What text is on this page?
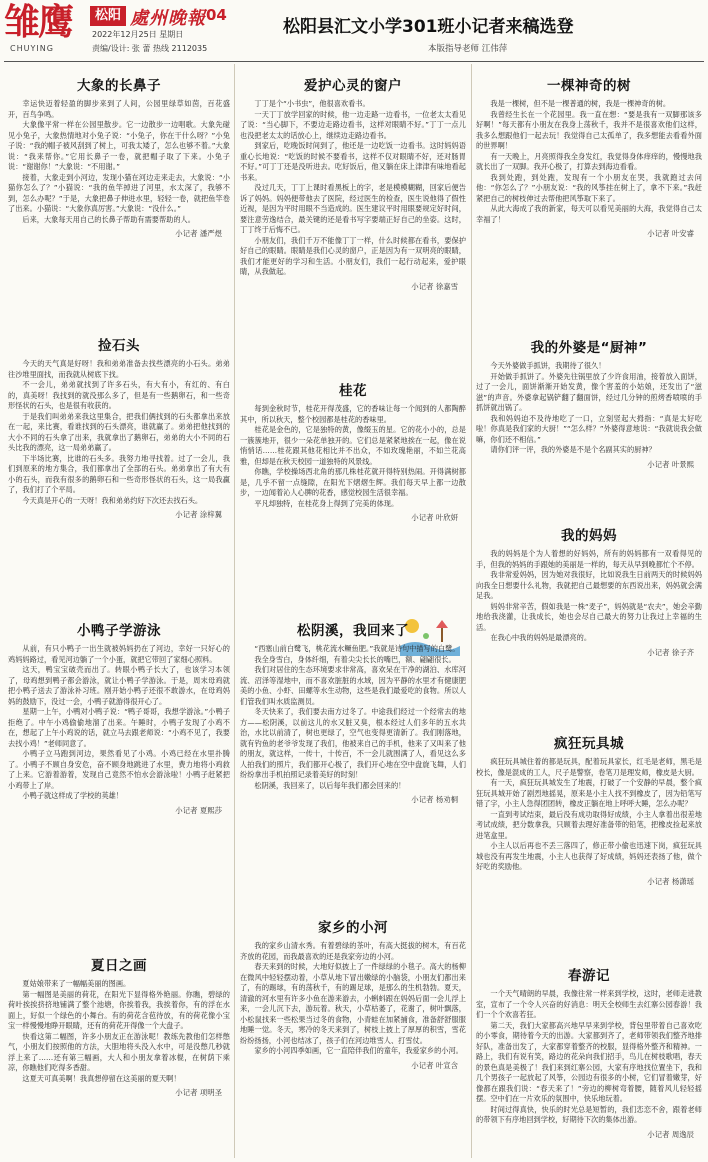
雏鹰
CHUYING
松阳 處州晚報 04
2022年12月25日 星期日
责编/设计: 张 蕾 热线 2112035
松阳县汇文小学301班小记者来稿选登
本版指导老师 江伟萍
大象的长鼻子

幸运快迈着轻盈的脚步来到了人间，公园里绿草如茵，百花盛开，百鸟争鸣。

大象像平常一样在公园里散步。它一边散步一边唱歌。大象先碰见小兔子，大象热情地对小兔子说：“小兔子，你在干什么呀？”小兔子说：“我的帽子被风刮到了树上，可我太矮了，怎么也够不着。”大象说：“我来帮你。”它用长鼻子一卷，就把帽子取了下来。小兔子说：“谢谢你！”大象说：“不用谢。”

接着，大象走到小河边，发现小猫在河边走来走去，大象说：“小猫你怎么了？”小猫说：“我的鱼竿掉进了河里，水太深了，我够不到，怎么办呢？”于是，大象把鼻子伸进水里，轻轻一卷，就把鱼竿卷了出来。小猫说：“大象你真厉害。”大象说：“没什么。”

后来，大象每天用自己的长鼻子帮助有需要帮助的人。

小记者 潘严煜
捡石头

今天的天气真是好呀！我和弟弟准备去找些漂亮的小石头。弟弟往沙堆里面找，而我就从树底下找。

不一会儿，弟弟就找到了许多石头，有大有小，有红的、有白的，真美呀！我找到的就没那么多了，但是有一些鹅卵石，和一些奇形怪状的石头，也是很有收获的。

于是我们叫弟弟来我这里集合，把我们俩找到的石头都拿出来放在一起，来比赛，看谁找到的石头漂亮，谁就赢了。弟弟把他找到的大小不同的石头拿了出来，我就拿出了鹅卵石，弟弟的大小不同的石头比我的漂亮，这一局弟弟赢了。

下半场比赛，比谁的石头多。我努力地寻找着。过了一会儿，我们到原来的地方集合，我们都拿出了全部的石头。弟弟拿出了有大有小的石头，而我有很多的鹅卵石和一些奇形怪状的石头，这一局我赢了，我们打了个平局。

今天真是开心的一天呀！我和弟弟约好下次还去找石头。

小记者 涂梓翼
小鸭子学游泳

从前，有只小鸭子一出生就被妈妈扔在了河边，幸好一只好心的鸡妈妈路过，看见河边躺了一个小蛋，就把它带回了家细心照料。

这天，鸭宝宝破壳而出了。转眼小鸭子长大了，也该学习本领了，母鸡想到鸭子都会游泳，就让小鸭子学游泳。于是，周末母鸡就把小鸭子送去了游泳补习班。刚开始小鸭子还很不敢游水，在母鸡妈妈的鼓励下，没过一会，小鸭子就游得很开心了。

星期一上午，小鸭对小鸭子说：“鸭子哥哥，我想学游泳。”小鸭子拒绝了。中午小鸡偷偷地溜了出来。午睡时，小鸭子发现了小鸡不在，想起了上午小鸡说的话，就立马去跟老师说：“小鸡不见了，我要去找小鸡！”老师同意了。

小鸭子立马跑到河边，果然看见了小鸡。小鸡已经在水里扑腾了。小鸭子不顾自身安危，奋不顾身地跳进了水里，费力地将小鸡救了上来。它游着游着，发现自己竟然不怕水会游泳啦！小鸭子赶紧把小鸡带上了岸。

小鸭子就这样成了学校的英雄！

小记者 夏熙莎
夏日之画

夏姑娘带来了一幅幅美丽的图画。

第一幅图是美丽的荷花，在阳光下显得格外艳丽。你瞧，碧绿的荷叶挨挨挤挤地铺满了整个池塘，你挨着我，我挨着你，有的浮在水面上，好似一个绿色的小舞台。有的荷花含苞待放，有的荷花像小宝宝一样慢慢地睁开眼睛，还有的荷花开得像一个大盘子。

快看这第二幅图，许多小朋友正在游泳呢！教练先教他们怎样憋气，小朋友们按照他的方法，大胆地将头没入水中，可是没憋几秒就浮上来了……还有第三幅画，大人和小朋友拿着冰棍，在树荫下乘凉，你瞧他们吃得多香甜。

这夏天可真美啊！我真想停留在这美丽的夏天啊！

小记者 项明圣
爱护心灵的窗户

丁丁是个“小书虫”，他很喜欢看书。

一天丁丁放学回家的时候，他一边走路一边看书，一位老太太看见了说：“当心脚下，不要边走路边看书，这样对眼睛不好。”丁丁一点儿也没把老太太的话放心上，继续边走路边看书。

到家后，吃晚饭时间到了，他还是一边吃饭一边看书。这时妈妈语重心长地说：“吃饭的时候不要看书，这样不仅对眼睛不好，还对肠胃不好。”可丁丁还是没听进去。吃好饭后，他又躺在床上津津有味地看起书来。

没过几天，丁丁上课时看黑板上的字，老是模模糊糊，回家后便告诉了妈妈。妈妈便带他去了医院，经过医生的检查，医生说他得了假性近视，是因为平时用眼不当造成的。医生建议平时用眼要规定好时间，要注意劳逸结合，最关键的还是看书写字要端正好自己的坐姿。这时，丁丁终于后悔不已。

小朋友们，我们千万不能像丁丁一样，什么时候都在看书，要保护好自己的眼睛。眼睛是我们心灵的窗户，正是因为有一双明亮的眼睛，我们才能更好的学习和生活。小朋友们，我们一起行动起来，爱护眼睛，从我做起。

小记者 徐嘉雪
桂花

每到金秋时节，桂花开得茂盛，它的香味让每一个闻到的人都陶醉其中，所以秋天，整个校园都是桂花的香味里。

桂花是金色的，它是独特的黄，像缀玉的星。它的花小小的，总是一簇簇地开，很少一朵花单独开的。它们总是紧紧地挨在一起，像在说悄悄话……桂花跟其他花相比并不出众，不如玫瑰艳丽，不如兰花高雅，但却是在秋天校园一道独特的风景线。

你瞧，学校操场西北角的那几株桂花就开得特别热闹。开得满树都是，几乎不留一点缝隙，在阳光下熠熠生辉。我们每天早上都一边散步，一边闻着沁人心脾的花香，感觉校园生活很幸福。

平凡却独特，在桂花身上得到了完美的体现。

小记者 叶欣妍
松阴溪，我回来了

“西塞山前白鹭飞，桃花流水鳜鱼肥。”我就是诗句中描写的白鹭。

我全身雪白，身体纤细，有着尖尖长长的嘴巴，额、翩翩很长。

我们对居住的生态环境要求非常高，喜欢呆在干净的湖泊、水库河流、沼泽等湿地中，而不喜欢脏脏的水域，因为平静的水里才有健康肥美的小鱼、小虾、田螺等水生动物，这些是我们最爱吃的食物。所以人们管我们叫水质监测员。

冬天快来了，我们要去南方过冬了。中途我们经过一个经常去的地方——松阴溪，以前这儿的水又脏又臭，根本经过人们多年的五水共治，水比以前清了，树也更绿了，空气也变得更清新了。我们刚落地，就有钓鱼的老爷爷发现了我们，他被来自己的手机，他来了又叫来了他的朋友，就这样，一传十，十传百，不一会儿就围满了人，看见这么多人拍我们的照片，我们都开心极了，我们开心地在空中盘旋飞舞，人们纷纷拿出手机拍照记录着美好的时刻！

松阴溪，我回来了，以后每年我们都会回来的！

小记者 杨劝桐
家乡的小河

我的家乡山清水秀。有着碧绿的茶叶，有高大挺拔的树木，有百花齐放的花园，而我最喜欢的还是我家旁边的小河。

春天来到的时候，大地好似披上了一件绿绿的小毯子。高大的杨柳在微风中轻轻摆动着，小草从地下冒出嫩绿的小脑袋，小朋友们都出来了，有的踢球，有的荡秋千，有的踢足球，是那么的生机勃勃。夏天，清澈的河水里有许多小鱼在游来游去，小蝌蚪跟在妈妈后面一会儿浮上来，一会儿沉下去，游玩着。秋天，小草枯萎了，花谢了，树叶飘落，小松鼠找来一些松果当过冬的食物，小青蛙在加紧捕食，准备舒舒服服地睡一觉。冬天，寒冷的冬天来到了，树枝上披上了厚厚的积雪，雪花纷纷扬扬，小河也结冰了，孩子们在河边堆雪人、打雪仗。

家乡的小河四季如画，它一直陪伴我们的童年，我爱家乡的小河。

小记者 叶宣含
一棵神奇的树

我是一棵树，但不是一棵普通的树，我是一棵神奇的树。

我曾经生长在一个花园里。我一直在想：“要是我有一双脚那该多好啊！”每天都有小朋友在我身上荡秋千，我并不是很喜欢他们这样，我多么想跟他们一起去玩！我觉得自己太孤单了，我多想能去看看外面的世界啊！

有一天晚上，月亮照得我全身发红，我觉得身体痒痒的，慢慢地我就长出了一双脚。我开心极了，打算去到海边看看。

我到处跑，到处跑，发现有一个小朋友在哭，我就跑过去问他：“你怎么了？”小朋友说：“我的风筝挂在树上了，拿不下来。”我赶紧把自己的树枝伸过去帮他把风筝取下来了。

从此大海成了我的新家，每天可以看见美丽的大海，我觉得自己太幸福了！

小记者 叶安睿
我的外婆是“厨神”

今天外婆做手抓饼，我期待了很久！

开始做手抓饼了。外婆先往锅里放了少许食用油，接着放入面饼，过了一会儿，面饼渐渐开始发黄，像个害羞的小姑娘，还发出了“滋滋”的声音。外婆拿起锅铲翻了翻面饼，经过几分钟的煎烤香喷喷的手抓饼就出锅了。

我和妈妈迫不及待地吃了一口，立刻竖起大拇指：“真是太好吃啦！你真是我们家的大厨！”“怎么样？”外婆得意地说：“我就说我会做嘛，你们还不相信。”

请你们评一评，我的外婆是不是个名副其实的厨神？

小记者 叶景熙
我的妈妈

我的妈妈是个为人着想的好妈妈，所有的妈妈都有一双看得见的手，但我的妈妈的手跟她的美丽是一样的，每天从早到晚都忙个不停。

我非常爱妈妈，因为她对我很好，比如说我生日前两天的时候妈妈向我全日想要什么礼物，我就把自己最想要的东西说出来，妈妈就会满足我。

妈妈非常辛苦，假如我是一株“麦子”，妈妈就是“农夫”，她会辛勤地给我浇灌，让我成长，她也会尽自己最大的努力让我过上幸福的生活。

在我心中我的妈妈是最漂亮的。

小记者 徐子齐
疯狂玩具城

疯狂玩具城住着的都是玩具，配着玩具家长，红毛是老师，黑毛是校长，像是混成的工人，尺子是警察，卷笔刀是理发师，橡皮是大厨。

有一天，疯狂玩具城发生了地震，打破了一个安静的早晨，整个疯狂玩具城开始了剧烈地摇晃，原来是小主人找不到橡皮了，因为铅笔写错了字，小主人急得团团转，橡皮正躺在地上呼呼大睡，怎么办呢？

一直到考试结束，最后没有成功取得好成绩，小主人拿着出很差地考试成绩，把分数拿我，只顾着去理好准备带的铅笔，把橡皮捡起来放进笔盒里。

小主人以后再也不丢三落四了，修正带小偷也迅速下岗，疯狂玩具城也没有再发生地震，小主人也获得了好成绩，妈妈还表扬了他，做个好吃的奖励他。

小记者 杨潇瑶
春游记

一个天气晴朗的早晨，我像往常一样来到学校，这时，老师走进教室，宣布了一个令人兴奋的好消息：明天全校师生去红寨公园春游！我们一个个欢喜若狂。

第二天，我们大家都高兴地早早来到学校，背包里带着自己喜欢吃的小零食，期待着今天的出游。大家都到齐了，老师带领我们整齐地排好队，准备出发了，大家都穿着整齐的校服，显得格外整齐和精神。一路上，我们有说有笑，路边的花朵向我们招手，鸟儿在树枝歌唱，春天的景色真是美极了！我们来到红寨公园，大家有序地找位置坐下，我和几个男孩子一起放起了风筝，公园边有很多的小树，它们冒着嫩芽，好像都在跟我们说：“春天来了！”旁边的柳树弯着腰，随着风儿轻轻摇摆。空中们在一片欢乐的氛围中，快乐地玩着。

时间过得真快，快乐的时光总是短暂的，我们恋恋不舍，跟着老师的带领下有序地回到学校，好期待下次的集体出游。

小记者 周逸辰
